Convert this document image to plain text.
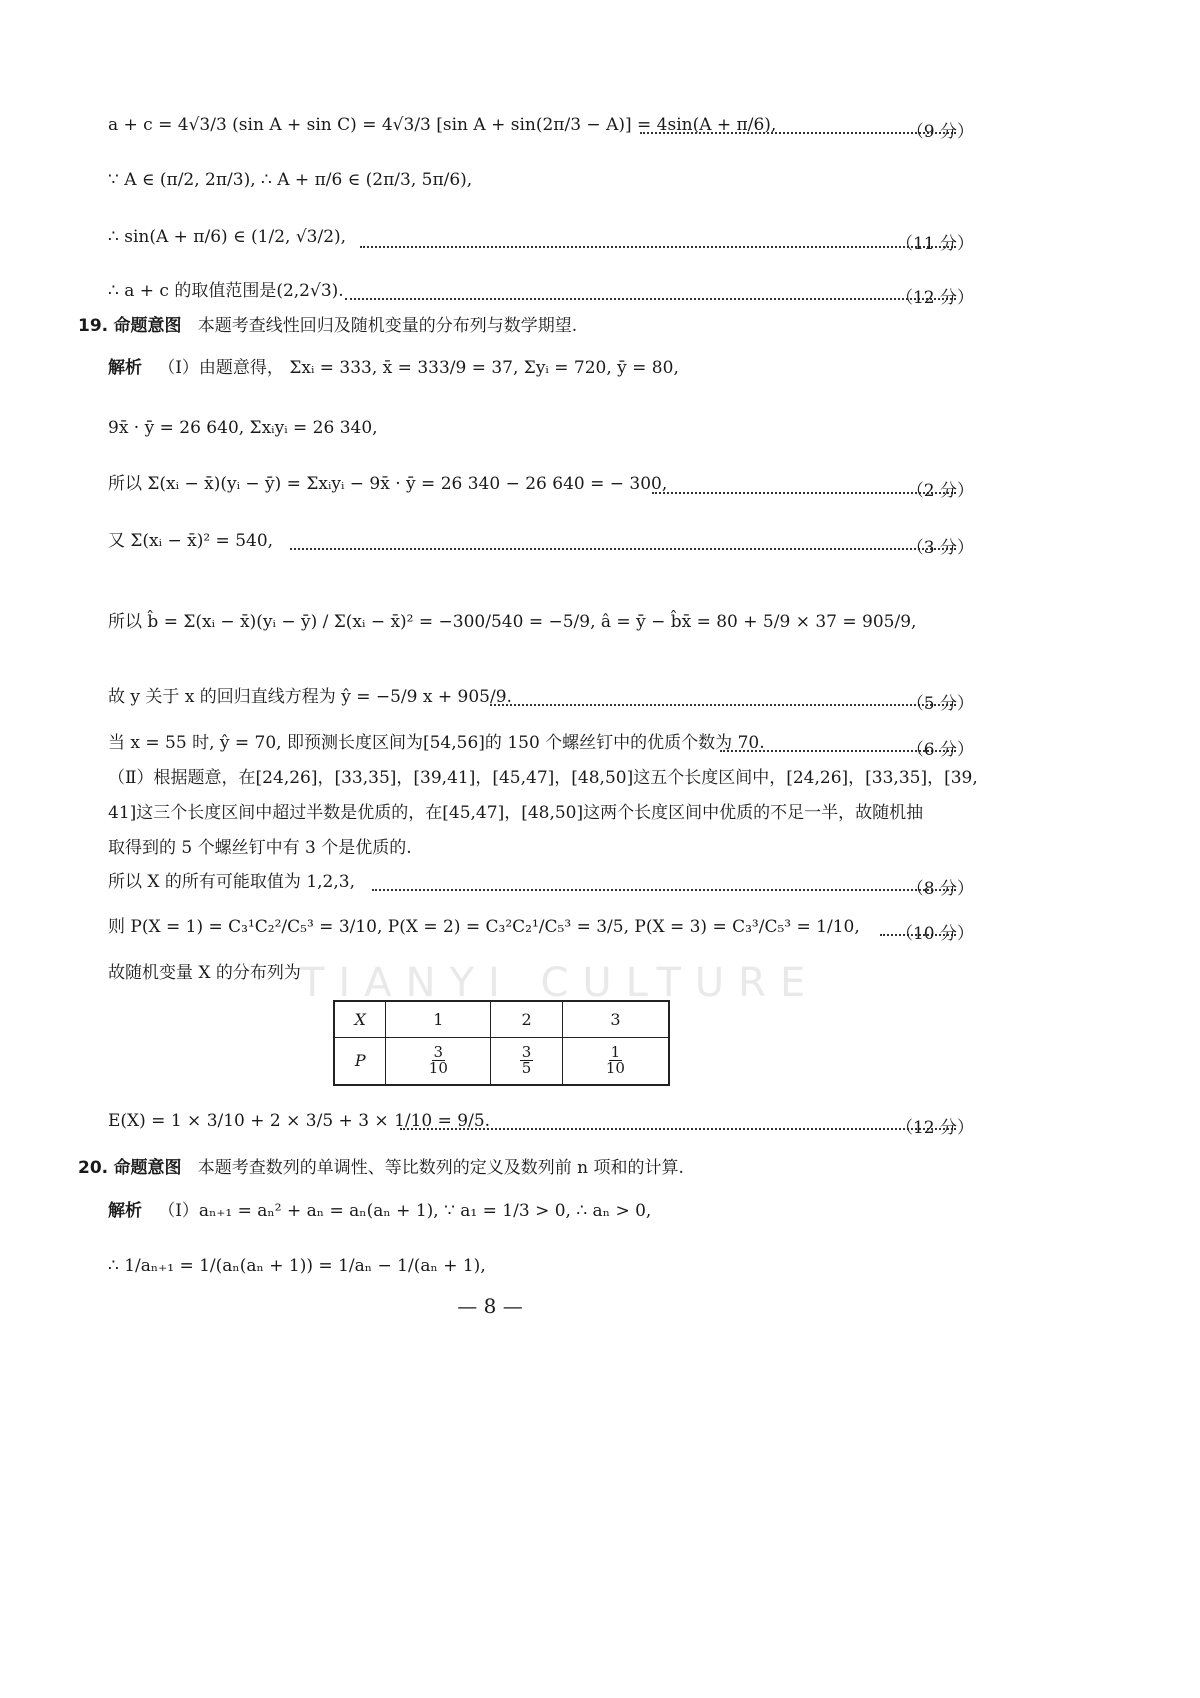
TIANYI CULTURE
a + c = 4√3/3 (sin A + sin C) = 4√3/3 [sin A + sin(2π/3 − A)] = 4sin(A + π/6),	（9 分）
∵ A ∈ (π/2, 2π/3), ∴ A + π/6 ∈ (2π/3, 5π/6),
∴ sin(A + π/6) ∈ (1/2, √3/2),	（11 分）
∴ a + c 的取值范围是(2,2√3).	（12 分）
19. 命题意图 本题考查线性回归及随机变量的分布列与数学期望.
解析 （Ⅰ）由题意得， Σxᵢ = 333, x̄ = 333/9 = 37, Σyᵢ = 720, ȳ = 80,
9x̄ · ȳ = 26 640, Σxᵢyᵢ = 26 340,
所以 Σ(xᵢ − x̄)(yᵢ − ȳ) = Σxᵢyᵢ − 9x̄ · ȳ = 26 340 − 26 640 = − 300,	（2 分）
又 Σ(xᵢ − x̄)² = 540,	（3 分）
所以 b̂ = Σ(xᵢ − x̄)(yᵢ − ȳ) / Σ(xᵢ − x̄)² = −300/540 = −5/9, â = ȳ − b̂x̄ = 80 + 5/9 × 37 = 905/9,
故 y 关于 x 的回归直线方程为 ŷ = −5/9 x + 905/9.	（5 分）
当 x = 55 时, ŷ = 70, 即预测长度区间为[54,56]的 150 个螺丝钉中的优质个数为 70.	（6 分）
（Ⅱ）根据题意，在[24,26]，[33,35]，[39,41]，[45,47]，[48,50]这五个长度区间中，[24,26]，[33,35]，[39,
41]这三个长度区间中超过半数是优质的，在[45,47]，[48,50]这两个长度区间中优质的不足一半，故随机抽
取得到的 5 个螺丝钉中有 3 个是优质的.
所以 X 的所有可能取值为 1,2,3,	（8 分）
则 P(X = 1) = C₃¹C₂²/C₅³ = 3/10, P(X = 2) = C₃²C₂¹/C₅³ = 3/5, P(X = 3) = C₃³/C₅³ = 1/10, （10 分）
故随机变量 X 的分布列为
X	1	2	3
P	$\frac{3}{10}$	$\frac{3}{5}$	$\frac{1}{10}$
E(X) = 1 × 3/10 + 2 × 3/5 + 3 × 1/10 = 9/5.	（12 分）
20. 命题意图 本题考查数列的单调性、等比数列的定义及数列前 n 项和的计算.
解析 （Ⅰ）aₙ₊₁ = aₙ² + aₙ = aₙ(aₙ + 1), ∵ a₁ = 1/3 > 0, ∴ aₙ > 0,
∴ 1/aₙ₊₁ = 1/(aₙ(aₙ + 1)) = 1/aₙ − 1/(aₙ + 1),
— 8 —
